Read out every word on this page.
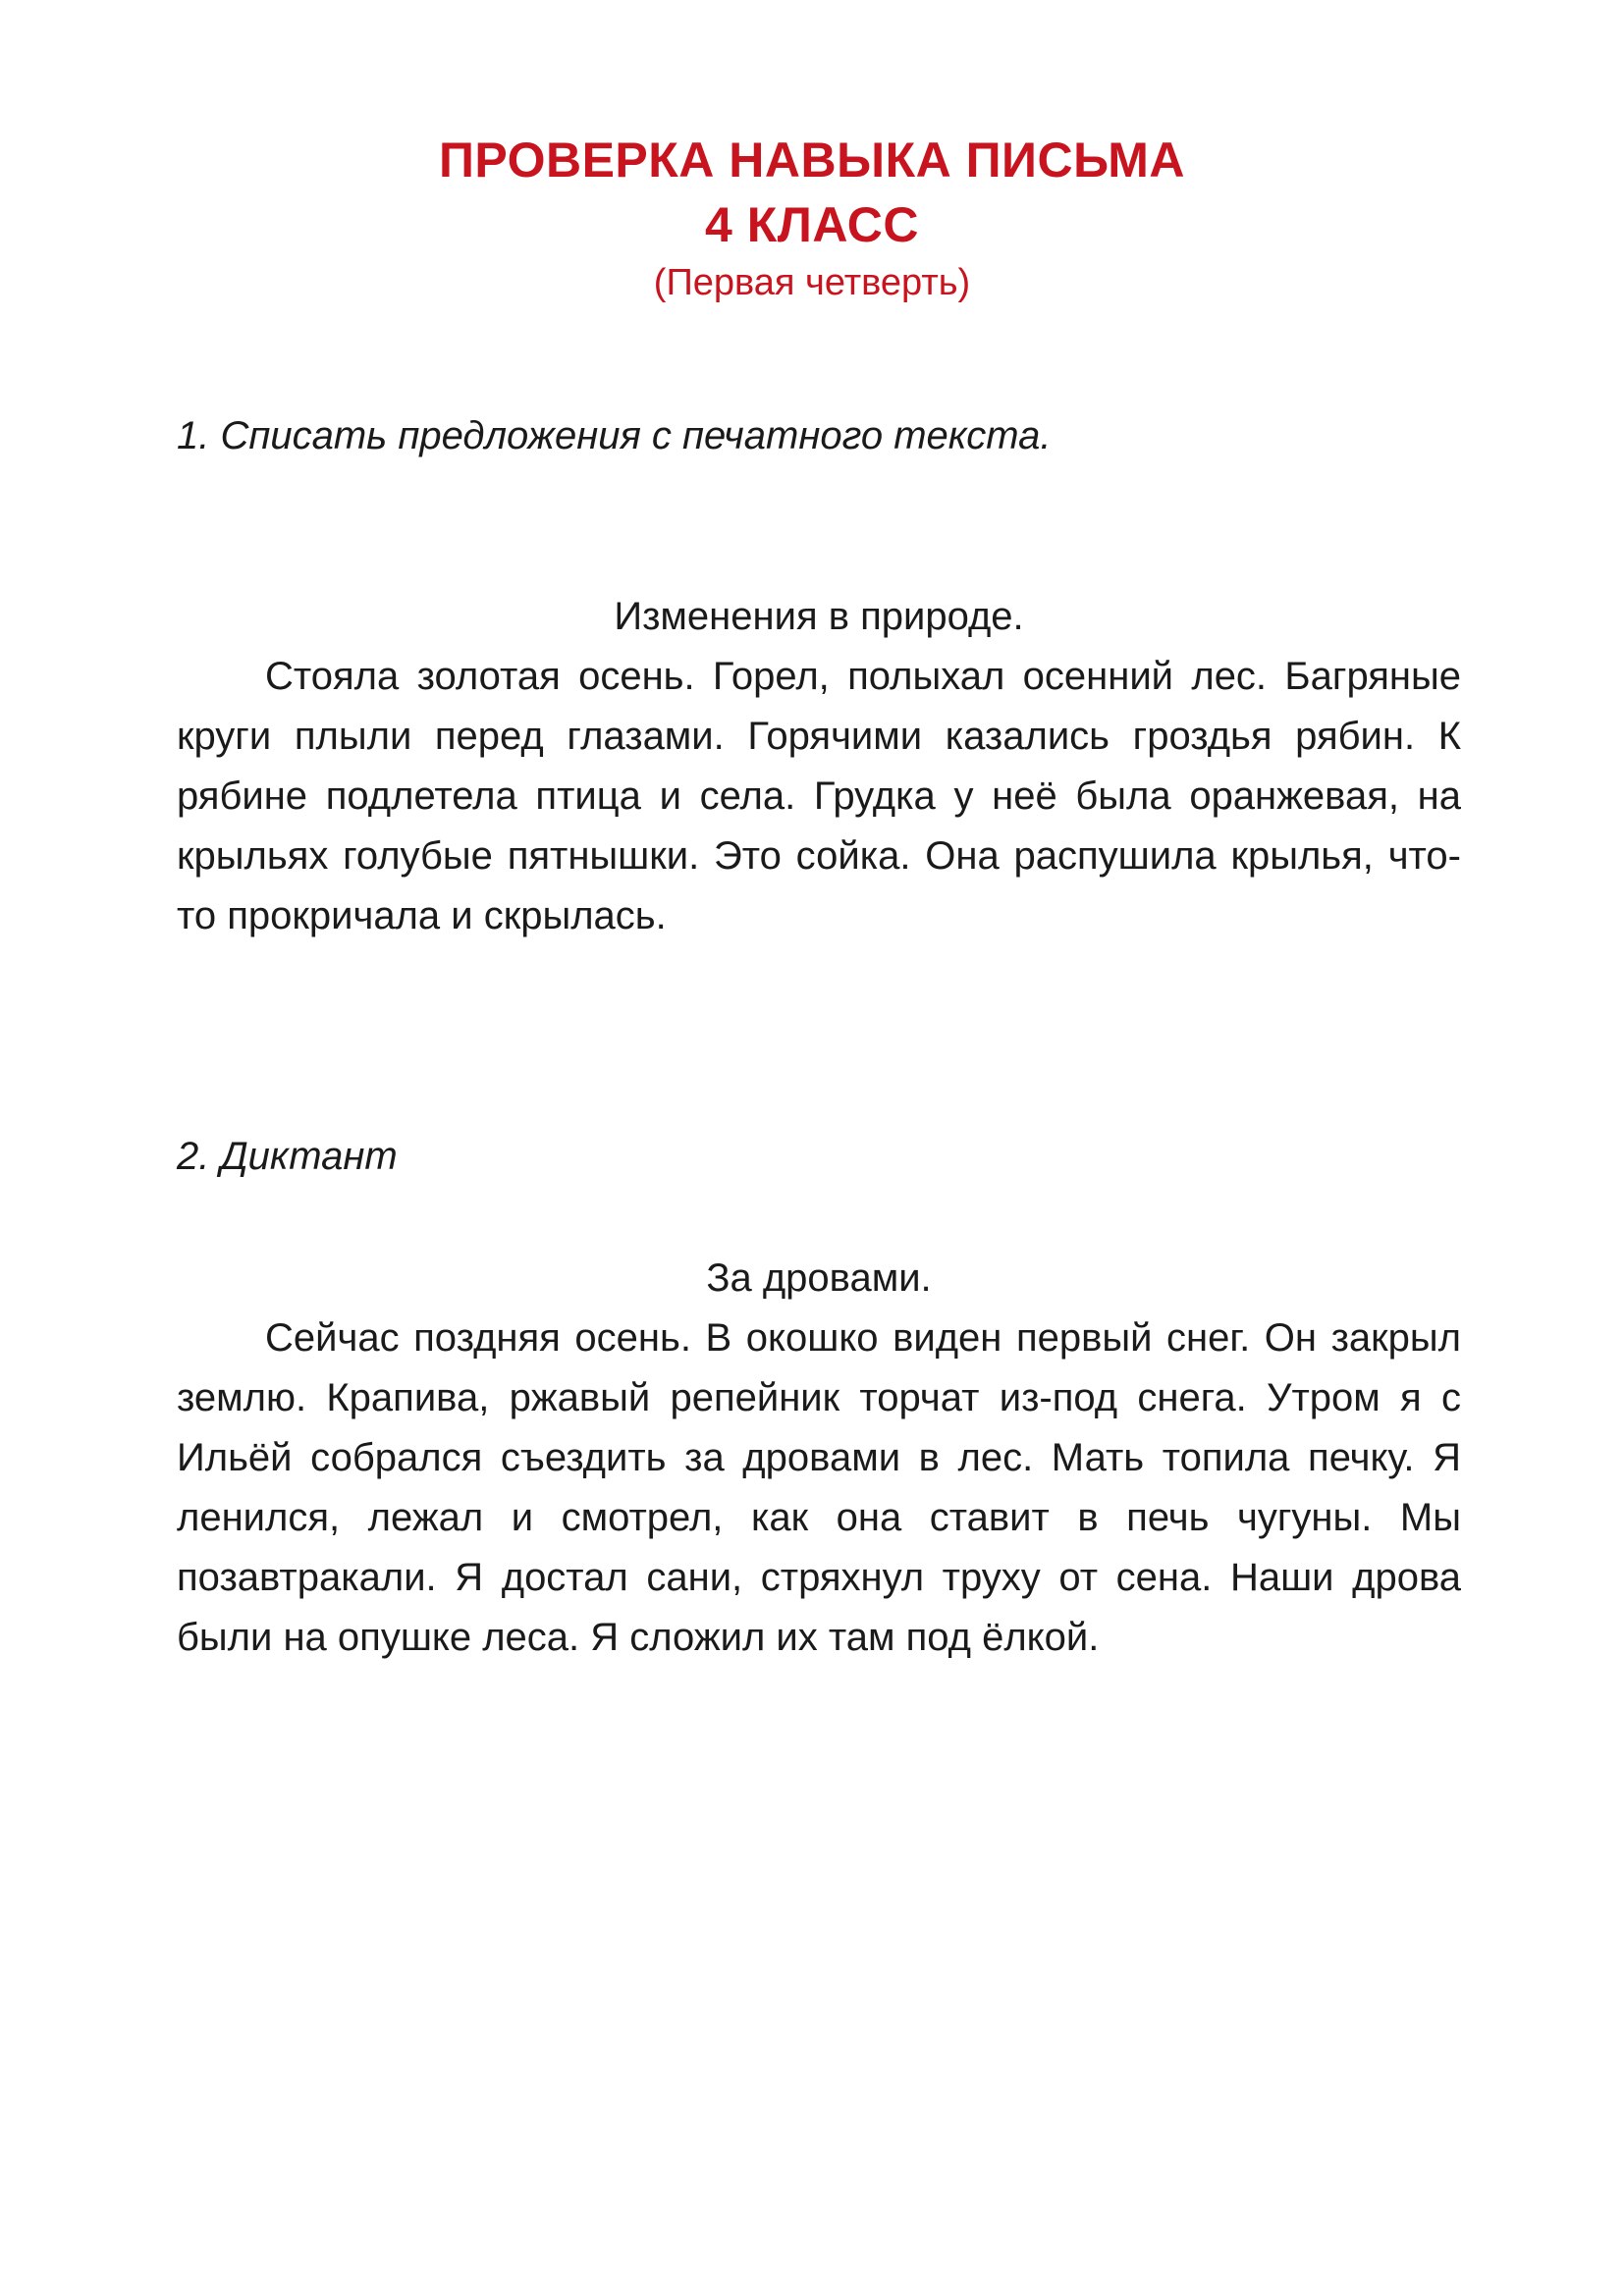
ПРОВЕРКА НАВЫКА ПИСЬМА
4 КЛАСС
(Первая четверть)
1. Списать предложения с печатного текста.
Изменения в природе.

Стояла золотая осень. Горел, полыхал осенний лес. Багряные круги плыли перед глазами. Горячими казались гроздья рябин. К рябине подлетела птица и села. Грудка у неё была оранжевая, на крыльях голубые пятнышки. Это сойка. Она распушила крылья, что-то прокричала и скрылась.

2. Диктант
За дровами.

Сейчас поздняя осень. В окошко виден первый снег. Он закрыл землю. Крапива, ржавый репейник торчат из-под снега. Утром я с Ильёй собрался съездить за дровами в лес. Мать топила печку. Я ленился, лежал и смотрел, как она ставит в печь чугуны. Мы позавтракали. Я достал сани, стряхнул труху от сена. Наши дрова были на опушке леса. Я сложил их там под ёлкой.
